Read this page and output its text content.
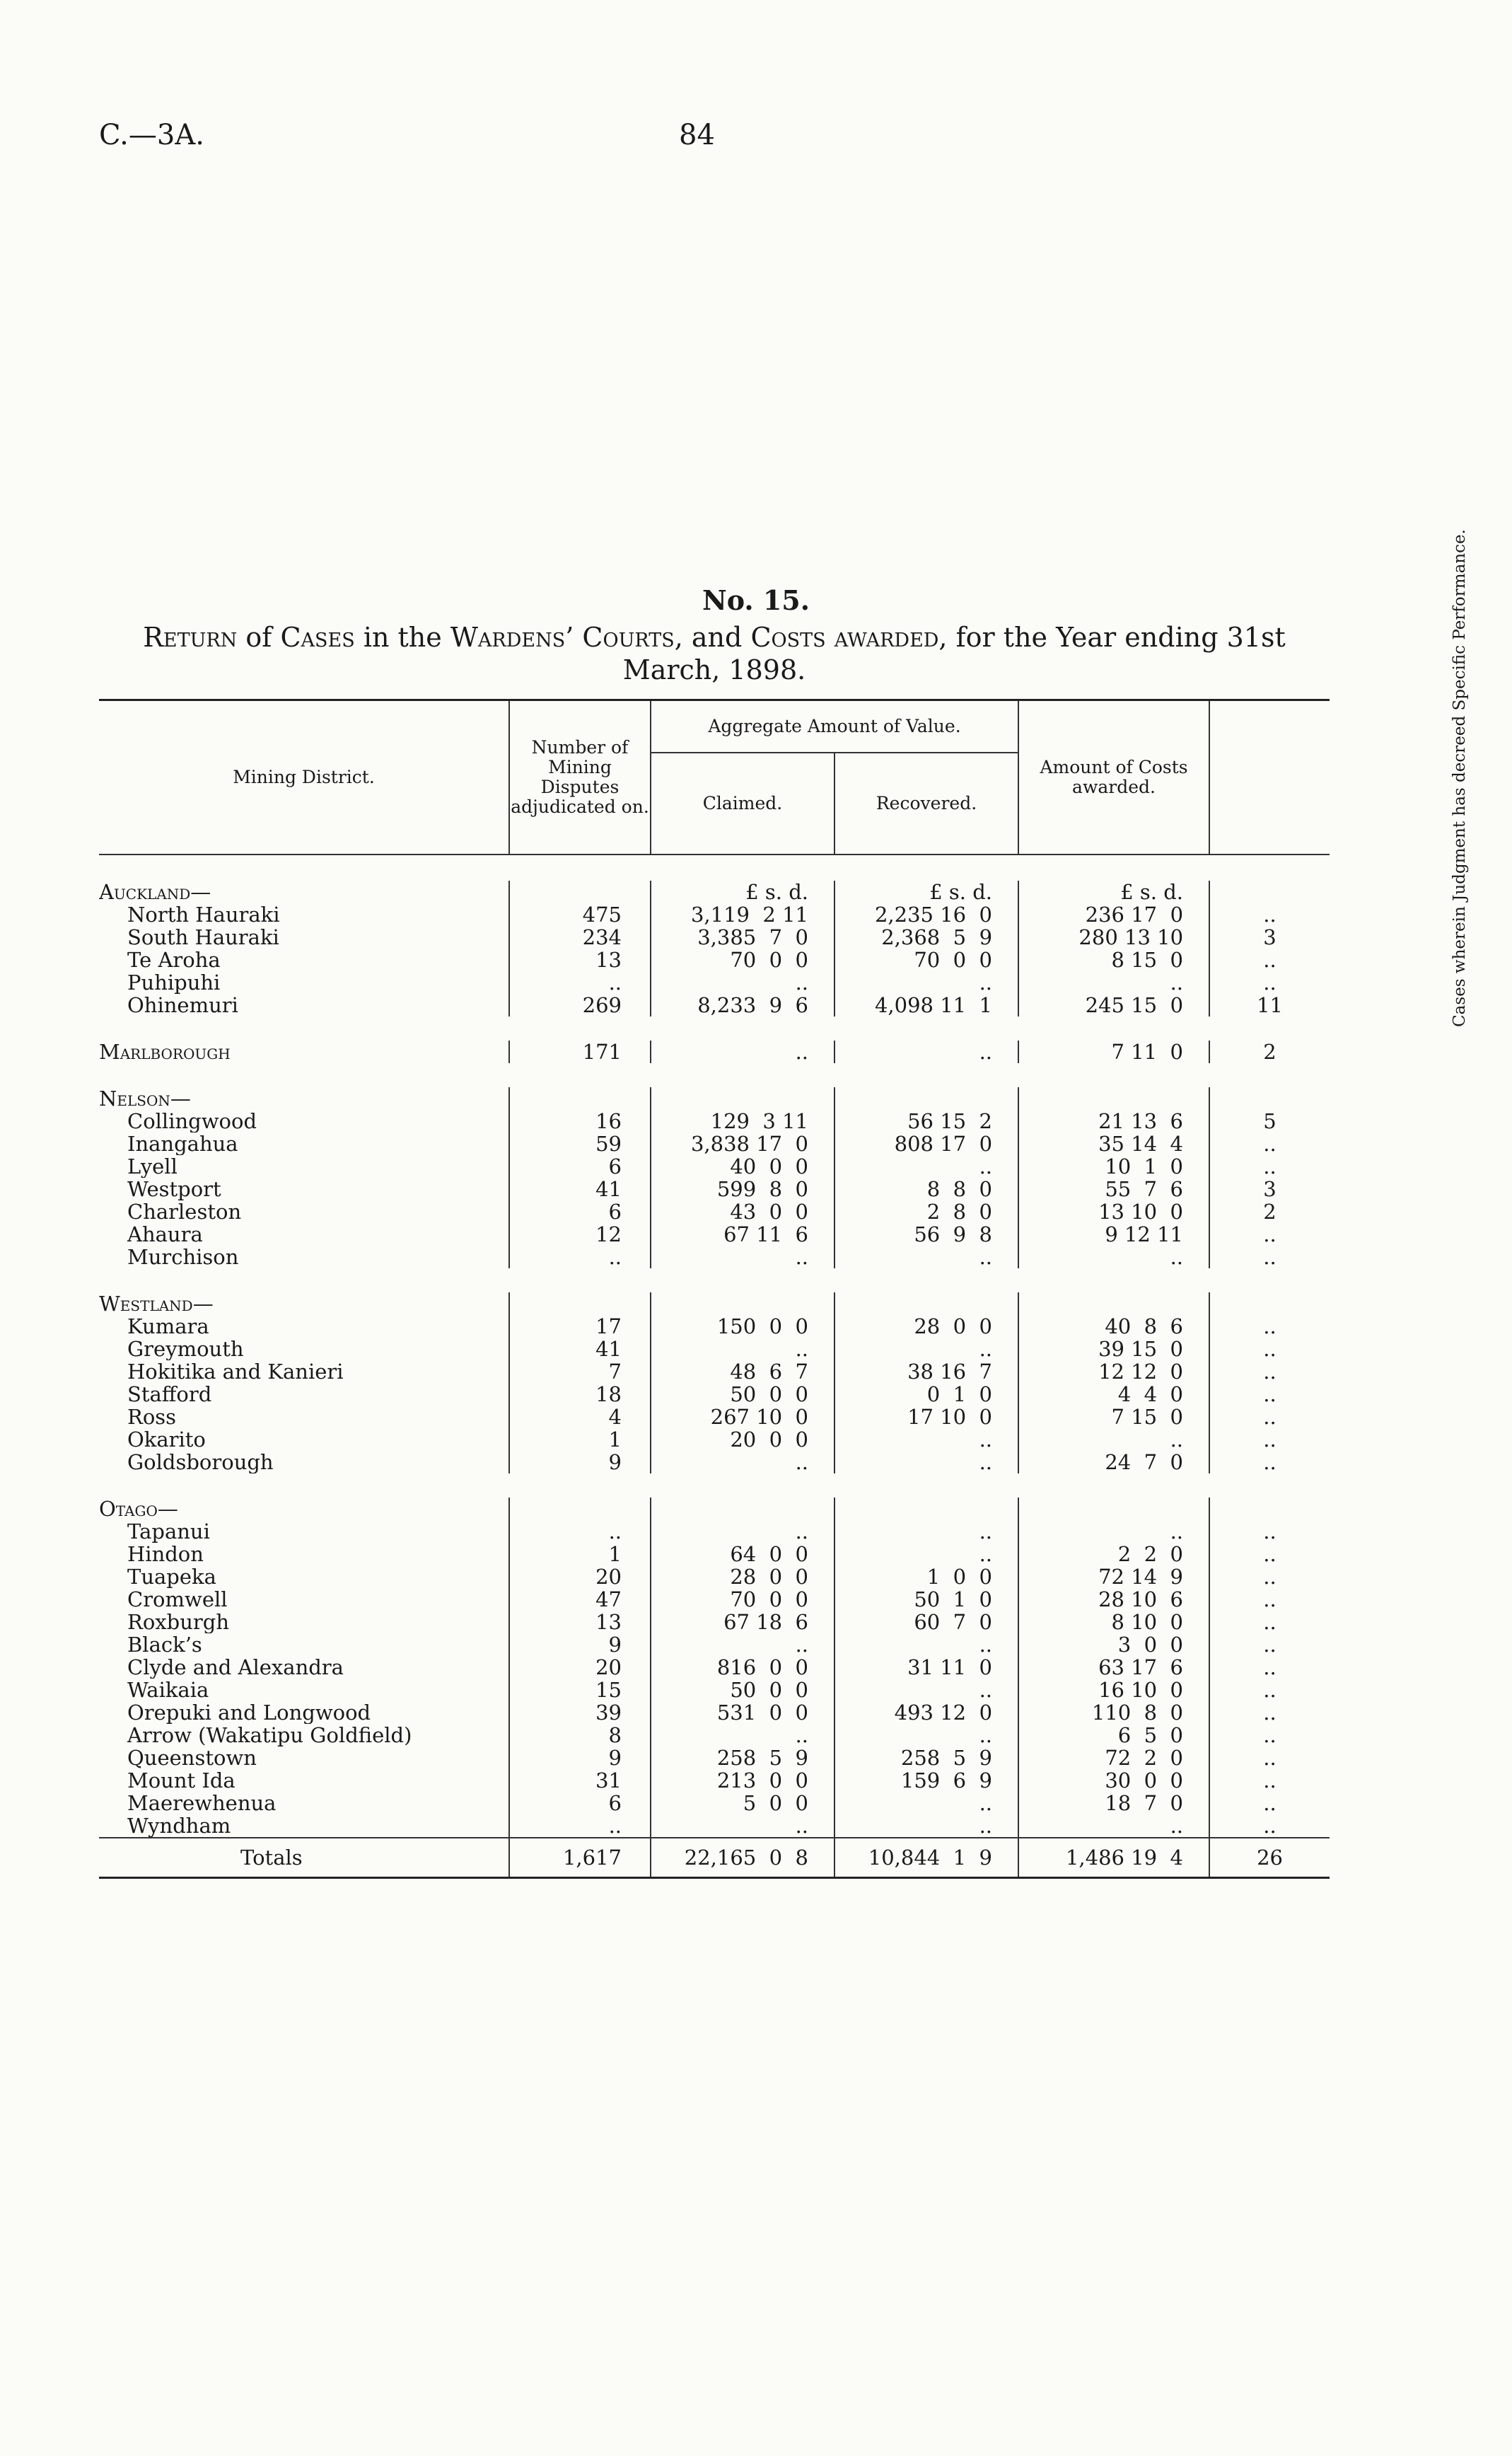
C.—3A.	84
No. 15.
Return of Cases in the Wardens’ Courts, and Costs awarded, for the Year ending 31st March, 1898.
Mining District.	Number of Mining Disputes adjudicated on.	Aggregate Amount of Value.		Amount of Costs awarded.	Cases wherein Judgment has decreed Specific Performance.
		Claimed.	Recovered.		

Auckland—		£ s. d.	£ s. d.	£ s. d.	
North Hauraki	475	3,119  2 11	2,235 16  0	236 17  0	..
South Hauraki	234	3,385  7  0	2,368  5  9	280 13 10	3
Te Aroha	13	70  0  0	70  0  0	8 15  0	..
Puhipuhi	..	..	..	..	..
Ohinemuri	269	8,233  9  6	4,098 11  1	245 15  0	11

Marlborough	171	..	..	7 11  0	2

Nelson—					
Collingwood	16	129  3 11	56 15  2	21 13  6	5
Inangahua	59	3,838 17  0	808 17  0	35 14  4	..
Lyell	6	40  0  0	..	10  1  0	..
Westport	41	599  8  0	8  8  0	55  7  6	3
Charleston	6	43  0  0	2  8  0	13 10  0	2
Ahaura	12	67 11  6	56  9  8	9 12 11	..
Murchison	..	..	..	..	..

Westland—					
Kumara	17	150  0  0	28  0  0	40  8  6	..
Greymouth	41	..	..	39 15  0	..
Hokitika and Kanieri	7	48  6  7	38 16  7	12 12  0	..
Stafford	18	50  0  0	0  1  0	4  4  0	..
Ross	4	267 10  0	17 10  0	7 15  0	..
Okarito	1	20  0  0	..	..	..
Goldsborough	9	..	..	24  7  0	..

Otago—					
Tapanui	..	..	..	..	..
Hindon	1	64  0  0	..	2  2  0	..
Tuapeka	20	28  0  0	1  0  0	72 14  9	..
Cromwell	47	70  0  0	50  1  0	28 10  6	..
Roxburgh	13	67 18  6	60  7  0	8 10  0	..
Black’s	9	..	..	3  0  0	..
Clyde and Alexandra	20	816  0  0	31 11  0	63 17  6	..
Waikaia	15	50  0  0	..	16 10  0	..
Orepuki and Longwood	39	531  0  0	493 12  0	110  8  0	..
Arrow (Wakatipu Goldfield)	8	..	..	6  5  0	..
Queenstown	9	258  5  9	258  5  9	72  2  0	..
Mount Ida	31	213  0  0	159  6  9	30  0  0	..
Maerewhenua	6	5  0  0	..	18  7  0	..
Wyndham	..	..	..	..	..
Totals	1,617	22,165  0  8	10,844  1  9	1,486 19  4	26
